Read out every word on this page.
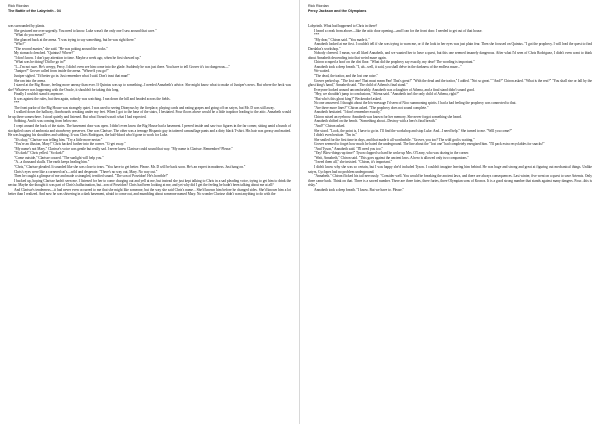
Rick Riordan
The Battle of the Labyrinth - 04

was surrounded by plants.

She gestured me over urgently. You need to know. Luke wasn't the only one I saw around that cave."

"What do you mean?"

She glanced back at the arena. "I was trying to say something, but he was right there."

"Who?"

"The second master," she said. "He was poking around the rocks."

My stomach clenched. "Quintus? Where?"

"I don't know. I don't pay attention to time. Maybe a week ago, when he first showed up."

"What was he doing? Did he go in?"

"I—I'm not sure. He's creepy, Percy. I didn't even see him come into the glade. Suddenly he was just there. You have to tell Grover it's too dangerous—"

"Juniper?" Grover called from inside the arena. "Where'd you go?"

Juniper sighed. "I'd better go in. Just remember what I said. Don't trust that man!"

She ran into the arena.

I stared at the Big House, feeling more uneasy than ever. If Quintus was up to something...I needed Annabeth's advice. She might know what to make of Juniper's news. But where the heck was she? Whatever was happening with the Oracle, it shouldn't be taking this long.

Finally I couldn't stand it anymore.

It was against the rules, but then again, nobody was watching. I ran down the hill and headed across the fields.

***

The front parlor of the Big House was strangely quiet. I was used to seeing Dionysus by the fireplace, playing cards and eating grapes and going off on satyrs, but Mr. D was still away.

I walked down the hallway, floorboards creaking under my feet. When I got to the base of the stairs, I hesitated. Four floors above would be a little trapdoor leading to the attic. Annabeth would be up there somewhere. I stood quietly and listened. But what I heard wasn't what I had expected.

Sobbing. And it was coming from below me.

I crept around the back of the stairs. The basement door was open. I didn't even know the Big House had a basement. I peered inside and saw two figures in the far corner, sitting amid a bunch of stockpiled cases of ambrosia and strawberry preserves. One was Clarisse. The other was a teenage Hispanic guy in tattered camouflage pants and a dirty black T-shirt. His hair was greasy and matted. He was hugging his shoulders and sobbing. It was Chris Rodriguez, the half-blood who'd gone to work for Luke.

"It's okay," Clarisse was telling him. "Try a little more nectar."

"You're an illusion, Mary!" Chris backed further into the corner. "G-get away."

"My name's not Mary." Clarisse's voice was gentle but really sad. I never knew Clarisse could sound that way. "My name is Clarisse. Remember? Please."

"It's dark!" Chris yelled. "So dark!"

"Come outside," Clarisse coaxed. "The sunlight will help you."

"A...a thousand skulls. The earth keeps healing him."

"Chris," Clarisse pleaded. It sounded like she was close to tears. "You have to get better. Please. Mr. D will be back soon. He's an expert in madness. Just hang on."

Chris's eyes were like a cornered rat's—wild and desperate. "There's no way out, Mary. No way out."

Then he caught a glimpse of me and made a strangled, terrified sound. "The son of Poseidon! He's horrible!"

I backed up, hoping Clarisse hadn't seen me. I listened for her to come charging out and yell at me, but instead she just kept talking to Chris in a sad pleading voice, trying to get him to drink the nectar. Maybe she thought it was part of Chris's hallucination, but...son of Poseidon? Chris had been looking at me, and yet why did I get the feeling he hadn't been talking about me at all?

And Clarisse's tenderness—it had never even occurred to me that she might like someone, but the way she said Chris's name... She'd known him before he changed sides. She'd known him a lot better than I realized. And now he was shivering in a dark basement, afraid to come out, and mumbling about someone named Mary. No wonder Clarisse didn't want anything to do with the

Rick Riordan
Percy Jackson and the Olympians

Labyrinth. What had happened to Chris in there?

I heard a creak from above—like the attic door opening—and I ran for the front door. I needed to get out of that house.

***

"My dear," Chiron said. "You made it."

Annabeth looked at me first. I couldn't tell if she was trying to warn me, or if the look in her eyes was just plain fear. Then she focused on Quintus. "I got the prophecy. I will lead the quest to find Daedalus's workshop."

Nobody cheered. I mean, we all liked Annabeth, and we wanted her to have a quest, but this one seemed insanely dangerous. After what I'd seen of Chris Rodriguez, I didn't even want to think about Annabeth descending into that weird maze again.

Chiron scraped a hoof on the dirt floor. "What did the prophecy say exactly, my dear? The wording is important."

Annabeth took a deep breath. "I, uh...well, it said, you shall delve in the darkness of the endless maze..."

We waited.

"The dead, the traitor, and the lost one raise."

Grover perked up. "The lost one! That must mean Pan! That's great!" "With the dead and the traitor," I added. "Not so great." "And?" Chiron asked. "What is the rest?" "You shall rise or fall by the ghost king's hand," Annabeth said. "The child of Athena's final stand."

Everyone looked around uncomfortably. Annabeth was a daughter of Athena, and a final stand didn't sound good.

"Hey, we shouldn't jump to conclusions," Silena said. "Annabeth isn't the only child of Athena, right?"

"But who's this ghost king?" Beckendorf asked.

No one answered. I thought about the Iris-message I'd seen of Nico summoning spirits. I had a bad feeling the prophecy was connected to that.

"Are there more lines?" Chiron asked. "The prophecy does not sound complete."

Annabeth hesitated. "I don't remember exactly."

Chiron raised an eyebrow. Annabeth was known for her memory. She never forgot something she heard.

Annabeth shifted on the bench. "Something about...Destroy with a hero's final breath."

"And?" Chiron asked.

She stood. "Look, the point is, I have to go in. I'll find the workshop and stop Luke. And...I need help." She turned to me. "Will you come?"

I didn't even hesitate. "I'm in."

She smiled for the first time in days, and that made it all worthwhile. "Grover, you too? The wild god is waiting."

Grover seemed to forget how much he hated the underground. The line about the "lost one" had completely energized him. "I'll pack extra recyclables for snacks!"

"And Tyson," Annabeth said. "I'll need you too."

"Yay! Blow-things-up time!" Tyson clapped so hard he woke up Mrs. O'Leary, who was dozing in the corner.

"Wait, Annabeth," Chiron said. "This goes against the ancient laws. A hero is allowed only two companions."

"I need them all," she insisted. "Chiron, it's important."

I didn't know why she was so certain, but I was happy she'd included Tyson. I couldn't imagine leaving him behind. He was huge and strong and great at figuring out mechanical things. Unlike satyrs, Cyclopes had no problem underground.

"Annabeth." Chiron flicked his tail nervously. "Consider well. You would be breaking the ancient laws, and there are always consequences. Last winter, five went on a quest to save Artemis. Only three came back. Think on that. Three is a sacred number. There are three fates, three furies, three Olympian sons of Kronos. It is a good strong number that stands against many dangers. Four...this is risky."

Annabeth took a deep breath. "I know. But we have to. Please."
